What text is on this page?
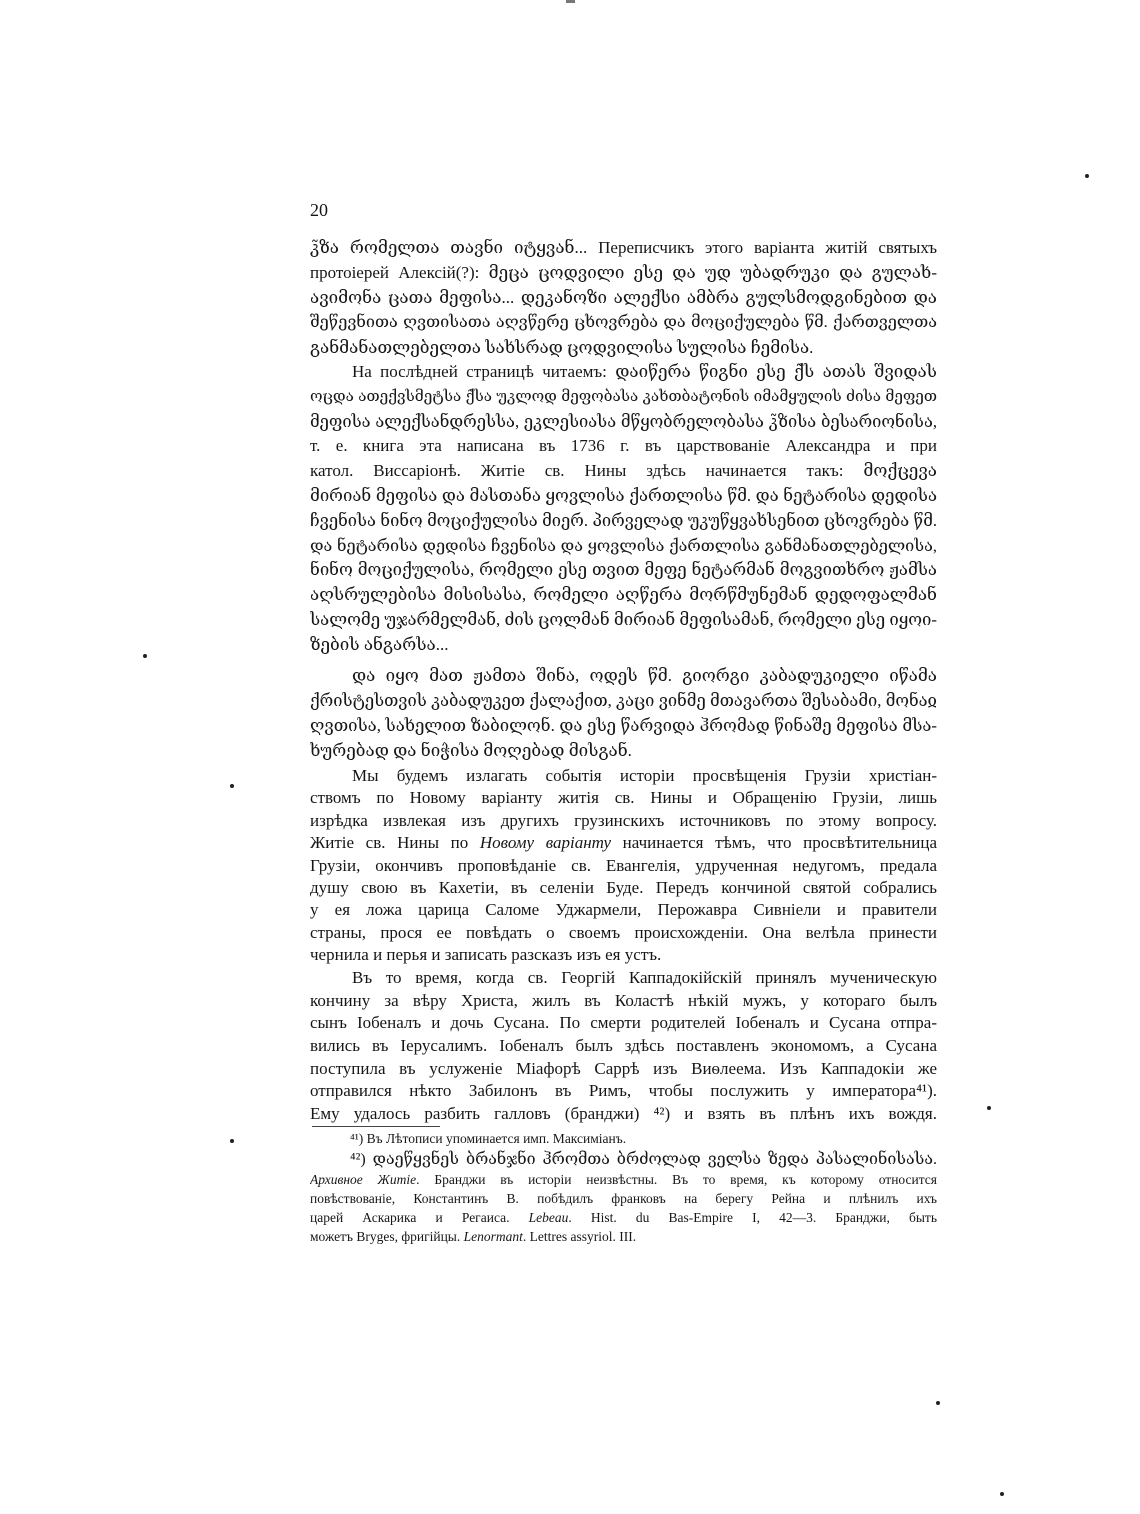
20
კ̃ზა რომელთა თავნი იტყვან... Переписчикъ этого варіанта житій святыхъ
протоіерей Алексій(?): მეცა ცოდვილი ესე და უდ უბადრუკი და გულახ-
ავიმონა ცათა მეფისა... დეკანოზი ალექსი ამბრა გულსმოდგინებით და
შეწევნითა ღვთისათა აღვწერე ცხოვრება და მოციქულება წმ. ქართველთა
განმანათლებელთა სახსრად ცოდვილისა სულისა ჩემისა.
На послѣдней страницѣ читаемъ: დაიწერა წიგნი ესე ქ̃ს ათას შვიდას
ოცდა ათექვსმეტსა ქ̃სა უკლოდ მეფობასა კახთბატონის იმამყულის ძისა მეფეთ
მეფისა ალექსანდრესსა, ეკლესიასა მწყობრელობასა კ̃ზისა ბესარიონისა,
т. е. книга эта написана въ 1736 г. въ царствованіе Александра и при
катол. Виссаріонѣ. Житіе св. Нины здѣсь начинается такъ: მოქცევა
მირიან მეფისა და მასთანა ყოვლისა ქართლისა წმ. და ნეტარისა დედისა
ჩვენისა ნინო მოციქულისა მიერ. პირველად უკუწყვახსენით ცხოვრება წმ.
და ნეტარისა დედისა ჩვენისა და ყოვლისა ქართლისა განმანათლებელისა,
ნინო მოციქულისა, რომელი ესე თვით მეფე ნეტარმან მოგვითხრო ჟამსა
აღსრულებისა მისისასა, რომელი აღწერა მორწმუნემან დედოფალმან
სალომე უჯარმელმან, ძის ცოლმან მირიან მეფისამან, რომელი ესე იყოი-
ზების ანგარსა...
და იყო მათ ჟამთა შინა, ოდეს წმ. გიორგი კაბადუკიელი იწამა
ქრისტესთვის კაბადუკეთ ქალაქით, კაცი ვინმე მთავართა შესაბამი, მონაჲ
ღვთისა, სახელით ზაბილონ. და ესე წარვიდა ჰრომად წინაშე მეფისა მსა-
ხურებად და ნიჭისა მოღებად მისგან.
Мы будемъ излагать событія исторіи просвѣщенія Грузіи христіан-
ствомъ по Новому варіанту житія св. Нины и Обращенію Грузіи, лишь
изрѣдка извлекая изъ другихъ грузинскихъ источниковъ по этому вопросу.
Житіе св. Нины по Новому варіанту начинается тѣмъ, что просвѣтительница
Грузіи, окончивъ проповѣданіе св. Евангелія, удрученная недугомъ, предала
душу свою въ Кахетіи, въ селеніи Буде. Передъ кончиной святой собрались
у ея ложа царица Саломе Уджармели, Перожавра Сивніели и правители
страны, прося ее повѣдать о своемъ происхожденіи. Она велѣла принести
чернила и перья и записать разсказъ изъ ея устъ.
Въ то время, когда св. Георгій Каппадокійскій принялъ мученическую
кончину за вѣру Христа, жилъ въ Коластѣ нѣкій мужъ, у котораго былъ
сынъ Іобеналъ и дочь Сусана. По смерти родителей Іобеналъ и Сусана отпра-
вились въ Іерусалимъ. Іобеналъ былъ здѣсь поставленъ экономомъ, а Сусана
поступила въ услуженіе Міафорѣ Саррѣ изъ Виѳлеема. Изъ Каппадокіи же
отправился нѣкто Забилонъ въ Римъ, чтобы послужить у императора⁴¹).
Ему удалось разбить галловъ (бранджи) ⁴²) и взять въ плѣнъ ихъ вождя.
⁴¹) Въ Лѣтописи упоминается имп. Максиміанъ.
⁴²) დაეწყვნეს ბრანჯნი ჰრომთა ბრძოლად ველსა ზედა პასალინისასა.
Архивное Житіе. Бранджи въ исторіи неизвѣстны. Въ то время, къ которому относится
повѣствованіе, Константинъ В. побѣдилъ франковъ на берегу Рейна и плѣнилъ ихъ
царей Аскарика и Регаиса. Lebeau. Hist. du Bas-Empire I, 42—3. Бранджи, быть
можетъ Bryges, фригійцы. Lenormant. Lettres assyriol. III.
